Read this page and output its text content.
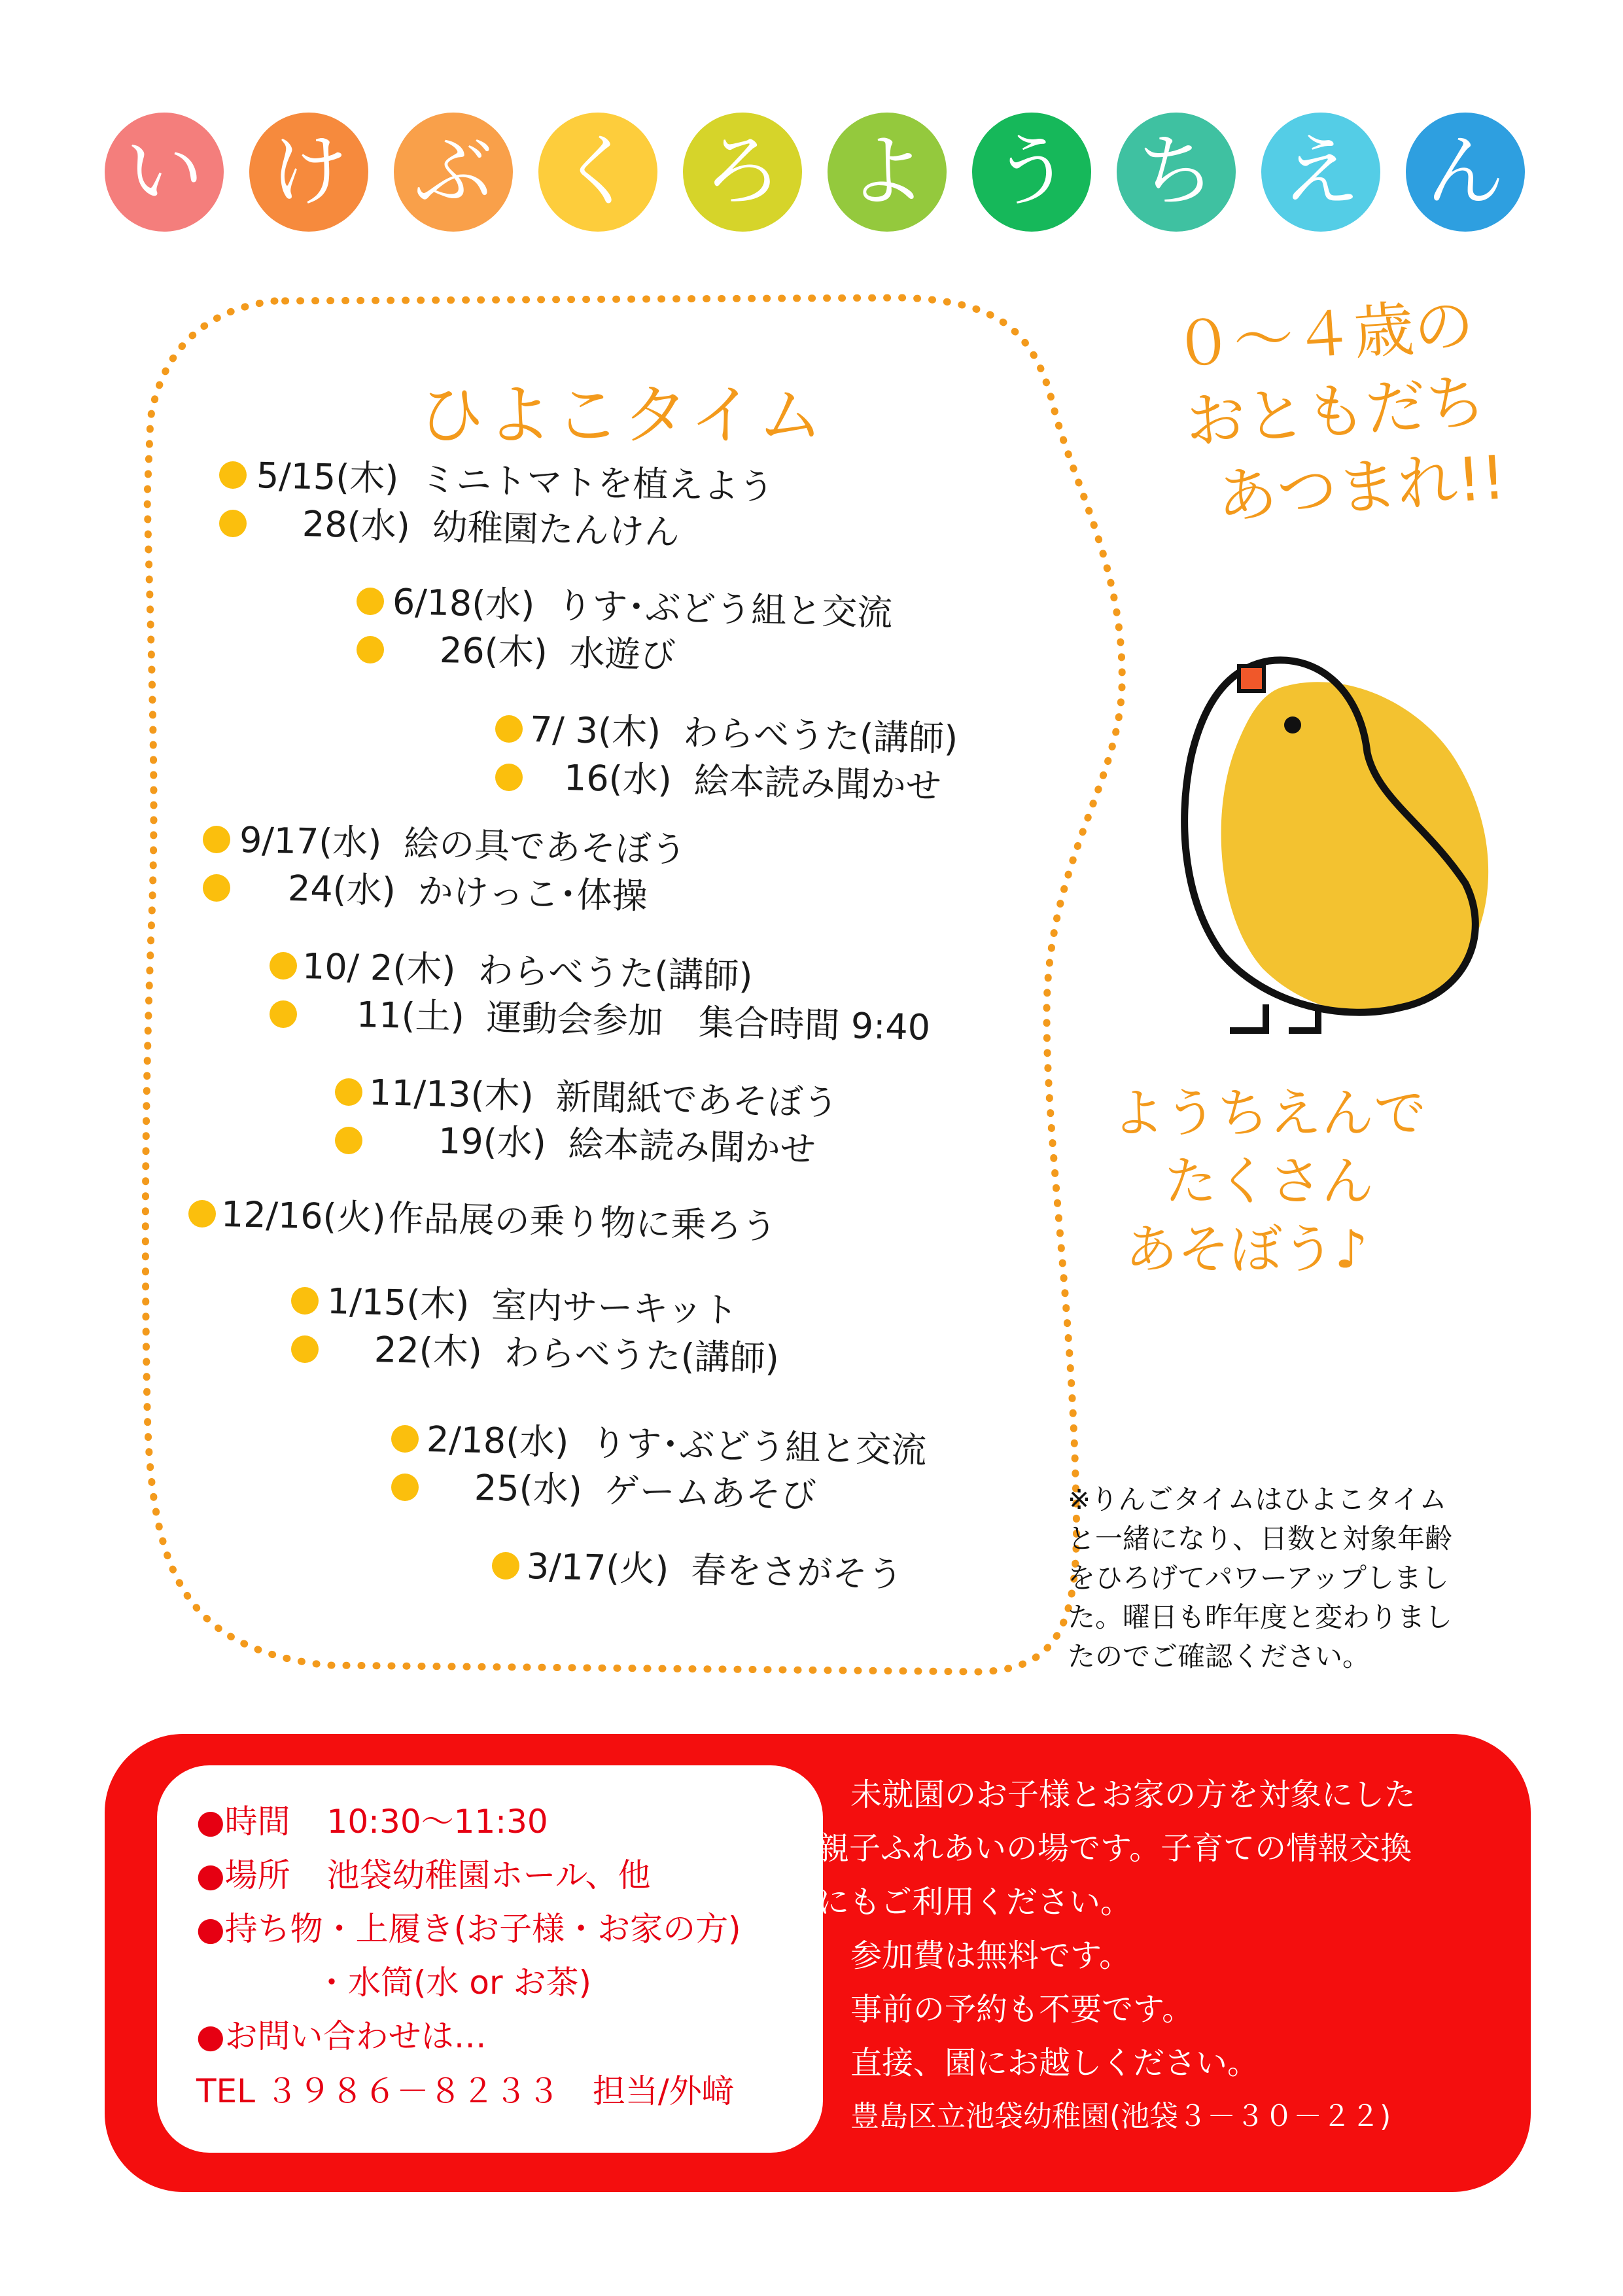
い け ぶ く ろ よ う ち え ん
ひよこタイム
5/15(木) ミニトマトを植えよう
28(水) 幼稚園たんけん
6/18(水) りす･ぶどう組と交流
26(木) 水遊び
7/ 3(木) わらべうた(講師)
16(水) 絵本読み聞かせ
9/17(水) 絵の具であそぼう
24(水) かけっこ･体操
10/ 2(木) わらべうた(講師)
11(土) 運動会参加　集合時間 9:40
11/13(木) 新聞紙であそぼう
19(水) 絵本読み聞かせ
12/16(火)作品展の乗り物に乗ろう
1/15(木) 室内サーキット
22(木) わらべうた(講師)
2/18(水) りす･ぶどう組と交流
25(水) ゲームあそび
3/17(火) 春をさがそう
０～４歳の
おともだち
あつまれ!!
ようちえんで
たくさん
あそぼう♪
※りんごタイムはひよこタイム
と一緒になり、日数と対象年齢
をひろげてパワーアップしまし
た。曜日も昨年度と変わりまし
たのでご確認ください。
●時間 10:30～11:30
●場所 池袋幼稚園ホール、他
●持ち物・上履き(お子様・お家の方)
・水筒(水 or お茶)
●お問い合わせは…
TEL ３９８６－８２３３　担当/外﨑
未就園のお子様とお家の方を対象にした
親子ふれあいの場です。子育ての情報交換
にもご利用ください。
参加費は無料です。
事前の予約も不要です。
直接、園にお越しください。
豊島区立池袋幼稚園(池袋３－３０－２２)
